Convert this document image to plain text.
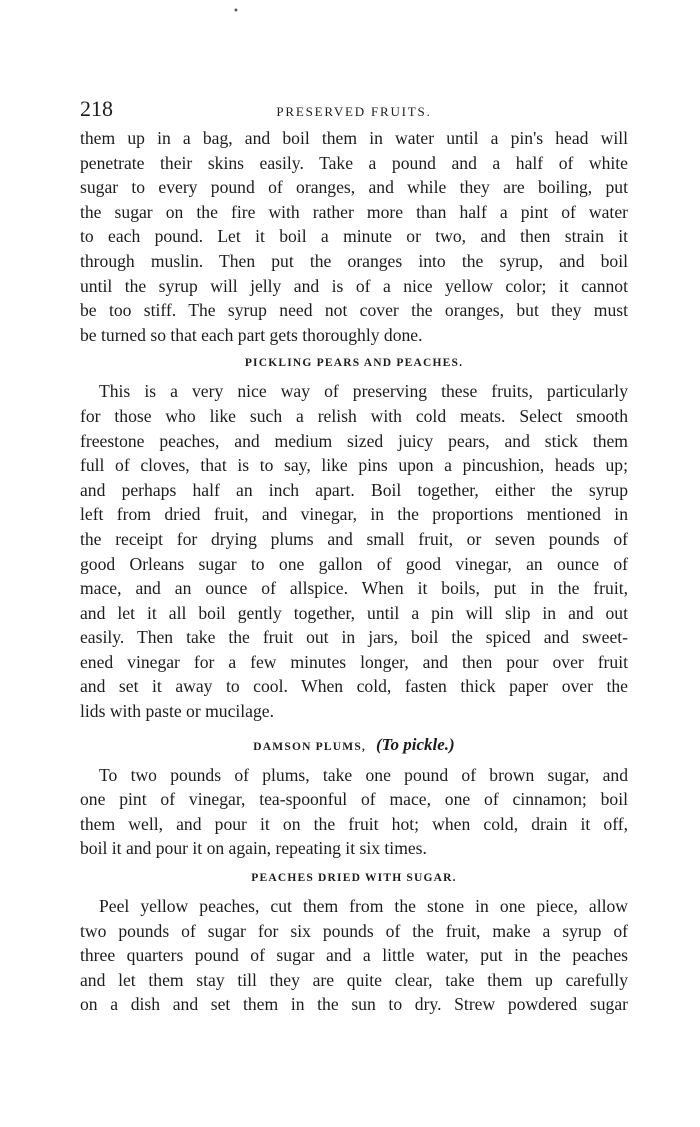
•
218	PRESERVED FRUITS.

them up in a bag, and boil them in water until a pin's head will
penetrate their skins easily. Take a pound and a half of white
sugar to every pound of oranges, and while they are boiling, put
the sugar on the fire with rather more than half a pint of water
to each pound. Let it boil a minute or two, and then strain it
through muslin. Then put the oranges into the syrup, and boil
until the syrup will jelly and is of a nice yellow color; it cannot
be too stiff. The syrup need not cover the oranges, but they must
be turned so that each part gets thoroughly done.

PICKLING PEARS AND PEACHES.

This is a very nice way of preserving these fruits, particularly
for those who like such a relish with cold meats. Select smooth
freestone peaches, and medium sized juicy pears, and stick them
full of cloves, that is to say, like pins upon a pincushion, heads up;
and perhaps half an inch apart. Boil together, either the syrup
left from dried fruit, and vinegar, in the proportions mentioned in
the receipt for drying plums and small fruit, or seven pounds of
good Orleans sugar to one gallon of good vinegar, an ounce of
mace, and an ounce of allspice. When it boils, put in the fruit,
and let it all boil gently together, until a pin will slip in and out
easily. Then take the fruit out in jars, boil the spiced and sweet-
ened vinegar for a few minutes longer, and then pour over fruit
and set it away to cool. When cold, fasten thick paper over the
lids with paste or mucilage.

DAMSON PLUMS, (To pickle.)

To two pounds of plums, take one pound of brown sugar, and
one pint of vinegar, tea-spoonful of mace, one of cinnamon; boil
them well, and pour it on the fruit hot; when cold, drain it off,
boil it and pour it on again, repeating it six times.

PEACHES DRIED WITH SUGAR.

Peel yellow peaches, cut them from the stone in one piece, allow
two pounds of sugar for six pounds of the fruit, make a syrup of
three quarters pound of sugar and a little water, put in the peaches
and let them stay till they are quite clear, take them up carefully
on a dish and set them in the sun to dry. Strew powdered sugar
